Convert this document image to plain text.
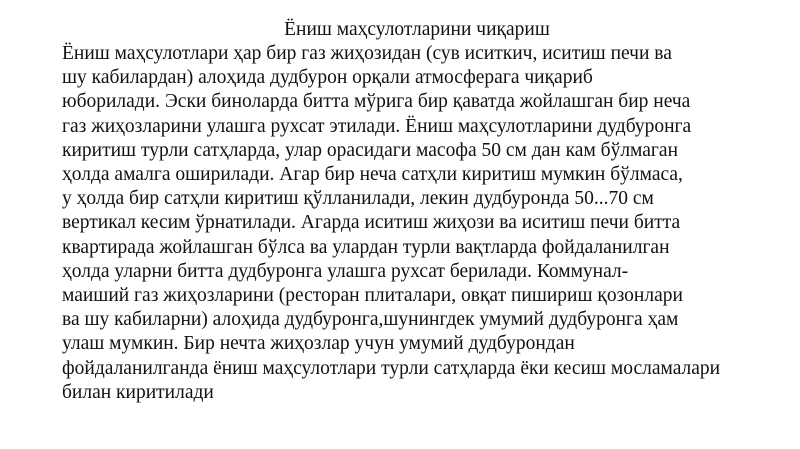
Ёниш маҳсулотларини чиқариш
Ёниш маҳсулотлари ҳар бир газ жиҳозидан (сув иситкич, иситиш печи ва
шу кабилардан) алоҳида дудбурон орқали атмосферага чиқариб
юборилади. Эски биноларда битта мўрига бир қаватда жойлашган бир неча
газ жиҳозларини улашга рухсат этилади. Ёниш маҳсулотларини дудбуронга
киритиш турли сатҳларда, улар орасидаги масофа 50 см дан кам бўлмаган
ҳолда амалга оширилади. Агар бир неча сатҳли киритиш мумкин бўлмаса,
у ҳолда бир сатҳли киритиш қўлланилади, лекин дудбуронда 50...70 см
вертикал кесим ўрнатилади. Агарда иситиш жиҳози ва иситиш печи битта
квартирада жойлашган бўлса ва улардан турли вақтларда фойдаланилган
ҳолда уларни битта дудбуронга улашга рухсат берилади. Коммунал-
маиший газ жиҳозларини (ресторан плиталари, овқат пишириш қозонлари
ва шу кабиларни) алоҳида дудбуронга,шунингдек умумий дудбуронга ҳам
улаш мумкин. Бир нечта жиҳозлар учун умумий дудбурондан
фойдаланилганда ёниш маҳсулотлари турли сатҳларда ёки кесиш мосламалари
билан киритилади
